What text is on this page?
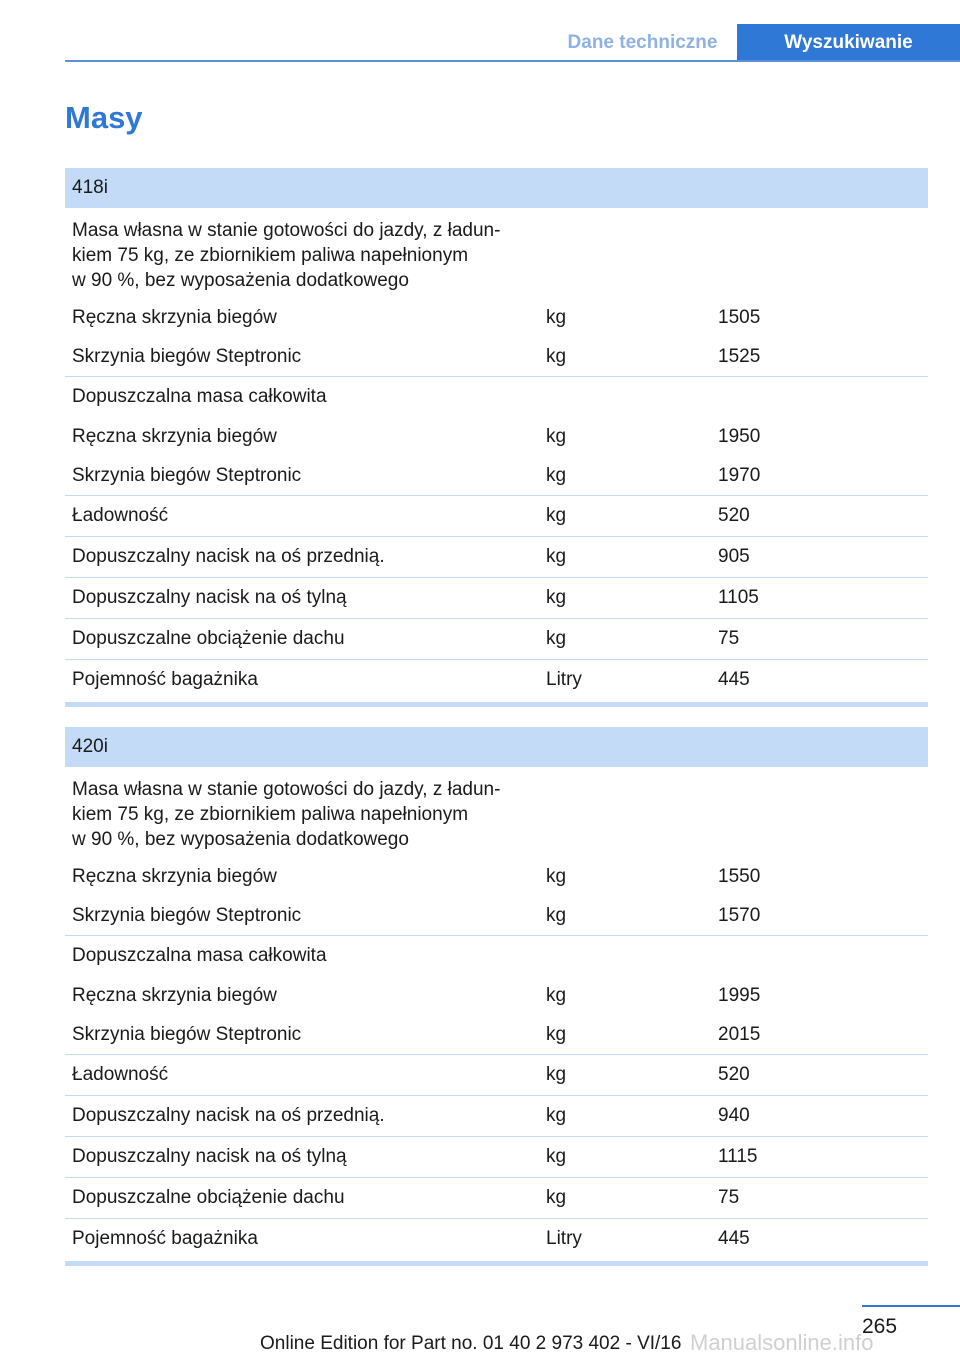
Dane techniczne	Wyszukiwanie
Masy
418i
Masa własna w stanie gotowości do jazdy, z ładun-
kiem 75 kg, ze zbiornikiem paliwa napełnionym
w 90 %, bez wyposażenia dodatkowego
Ręczna skrzynia biegów	kg	1505
Skrzynia biegów Steptronic	kg	1525
Dopuszczalna masa całkowita
Ręczna skrzynia biegów	kg	1950
Skrzynia biegów Steptronic	kg	1970
Ładowność	kg	520
Dopuszczalny nacisk na oś przednią.	kg	905
Dopuszczalny nacisk na oś tylną	kg	1105
Dopuszczalne obciążenie dachu	kg	75
Pojemność bagażnika	Litry	445
420i
Masa własna w stanie gotowości do jazdy, z ładun-
kiem 75 kg, ze zbiornikiem paliwa napełnionym
w 90 %, bez wyposażenia dodatkowego
Ręczna skrzynia biegów	kg	1550
Skrzynia biegów Steptronic	kg	1570
Dopuszczalna masa całkowita
Ręczna skrzynia biegów	kg	1995
Skrzynia biegów Steptronic	kg	2015
Ładowność	kg	520
Dopuszczalny nacisk na oś przednią.	kg	940
Dopuszczalny nacisk na oś tylną	kg	1115
Dopuszczalne obciążenie dachu	kg	75
Pojemność bagażnika	Litry	445
265
Online Edition for Part no. 01 40 2 973 402 - VI/16 Manualsonline.info
